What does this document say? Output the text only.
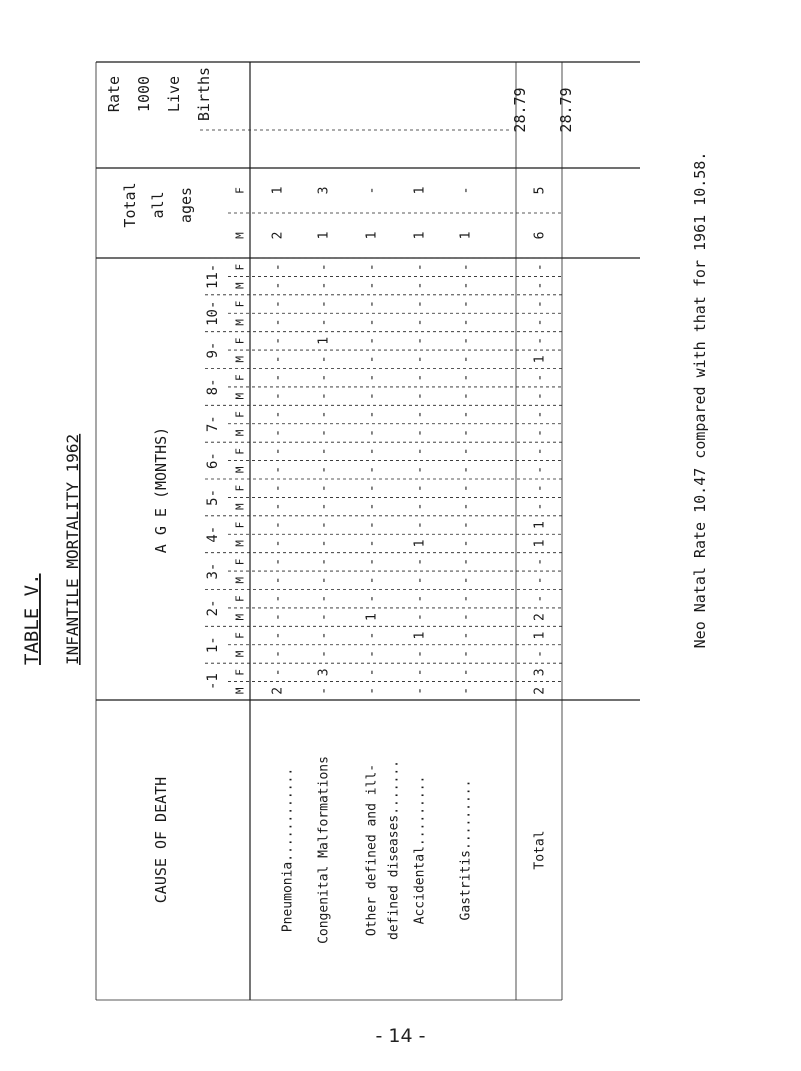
TABLE V. INFANTILE MORTALITY 1962
CAUSE OF DEATH
A G E (MONTHS)
Total all ages
M
F
Rate 1000 Live Births
-1
M
F
1-
M
F
2-
M
F
3-
M
F
4-
M
F
5-
M
F
6-
M
F
7-
M
F
8-
M
F
9-
M
F
10- M
F
11- M
F
2
-
-
3
-
-
-
-
-
-
2
3
-
-
-
-
-
-
-
1
-
-
-
1
-
-
-
-
1
-
-
-
-
-
2
-
-
-
-
-
-
-
-
-
-
-
-
-
-
-
-
-
-
-
1
-
-
-
1
1
-
-
-
-
-
-
-
-
-
-
-
-
-
-
-
-
-
-
-
-
-
-
-
-
-
-
-
-
-
-
-
-
-
-
-
-
-
-
-
-
-
-
-
-
-
-
-
-
-
-
-
1
-
-
-
-
-
-
1
-
-
-
-
-
-
-
-
-
-
-
-
-
-
-
-
-
-
-
-
-
-
-
-
-
2
1
1
3
1
-
1
1
1
-
6
5
28.79 28.79
Pneumonia............ Congenital Malformations	Other defined and ill- defined diseases....... Accidental......... Gastritis.........	Total
Neo Natal Rate 10.47 compared with that for 1961 10.58.
- 14 -
